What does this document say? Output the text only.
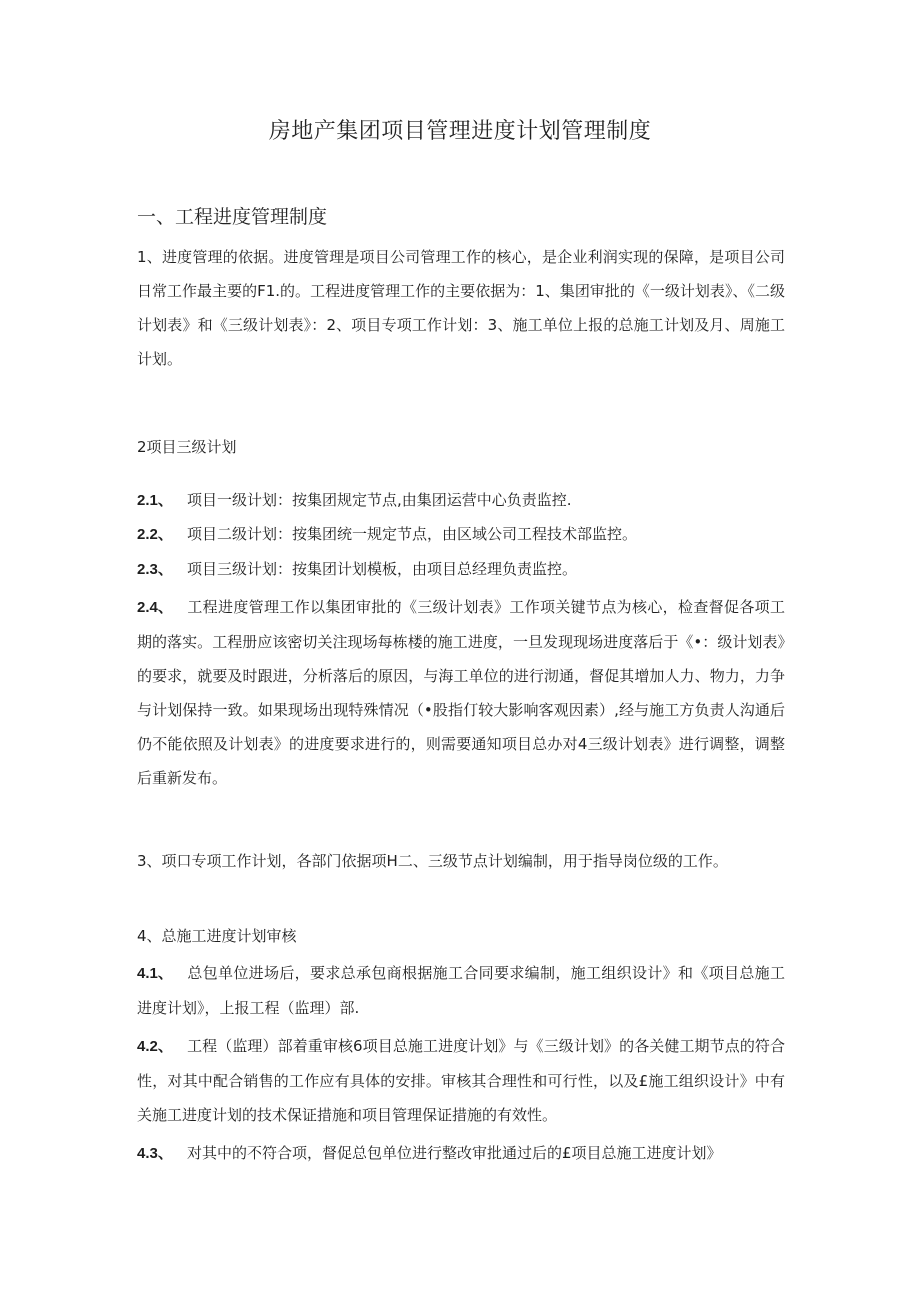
房地产集团项目管理进度计划管理制度
一、工程进度管理制度

1、进度管理的依据。进度管理是项目公司管理工作的核心，是企业利润实现的保障，是项目公司日常工作最主要的F1.的。工程进度管理工作的主要依据为：1、集团审批的《一级计划表》、《二级计划表》和《三级计划表》：2、项目专项工作计划：3、施工单位上报的总施工计划及月、周施工计划。

2项目三级计划

2.1、 项目一级计划：按集团规定节点,由集团运营中心负责监控.

2.2、 项目二级计划：按集团统一规定节点，由区域公司工程技术部监控。

2.3、 项目三级计划：按集团计划模板，由项目总经理负责监控。

2.4、 工程进度管理工作以集团审批的《三级计划表》工作项关键节点为核心，检查督促各项工期的落实。工程册应该密切关注现场每栋楼的施工进度，一旦发现现场进度落后于《•：级计划表》的要求，就要及时跟进，分析落后的原因，与海工单位的进行沏通，督促其增加人力、物力，力争与计划保持一致。如果现场出现特殊情况（•股指仃较大影响客观因素）,经与施工方负责人沟通后仍不能依照及计划表》的进度要求进行的，则需要通知项目总办对4三级计划表》进行调整，调整后重新发布。

3、项口专项工作计划，各部门依据项H二、三级节点计划编制，用于指导岗位级的工作。

4、总施工进度计划审核

4.1、 总包单位进场后，要求总承包商根据施工合同要求编制，施工组织设计》和《项目总施工进度计划》，上报工程（监理）部.

4.2、 工程（监理）部着重审核6项目总施工进度计划》与《三级计划》的各关健工期节点的符合性，对其中配合销售的工作应有具体的安排。审核其合理性和可行性，以及£施工组织设计》中有关施工进度计划的技术保证措施和项目管理保证措施的有效性。

4.3、 对其中的不符合项，督促总包单位进行整改审批通过后的£项目总施工进度计划》
